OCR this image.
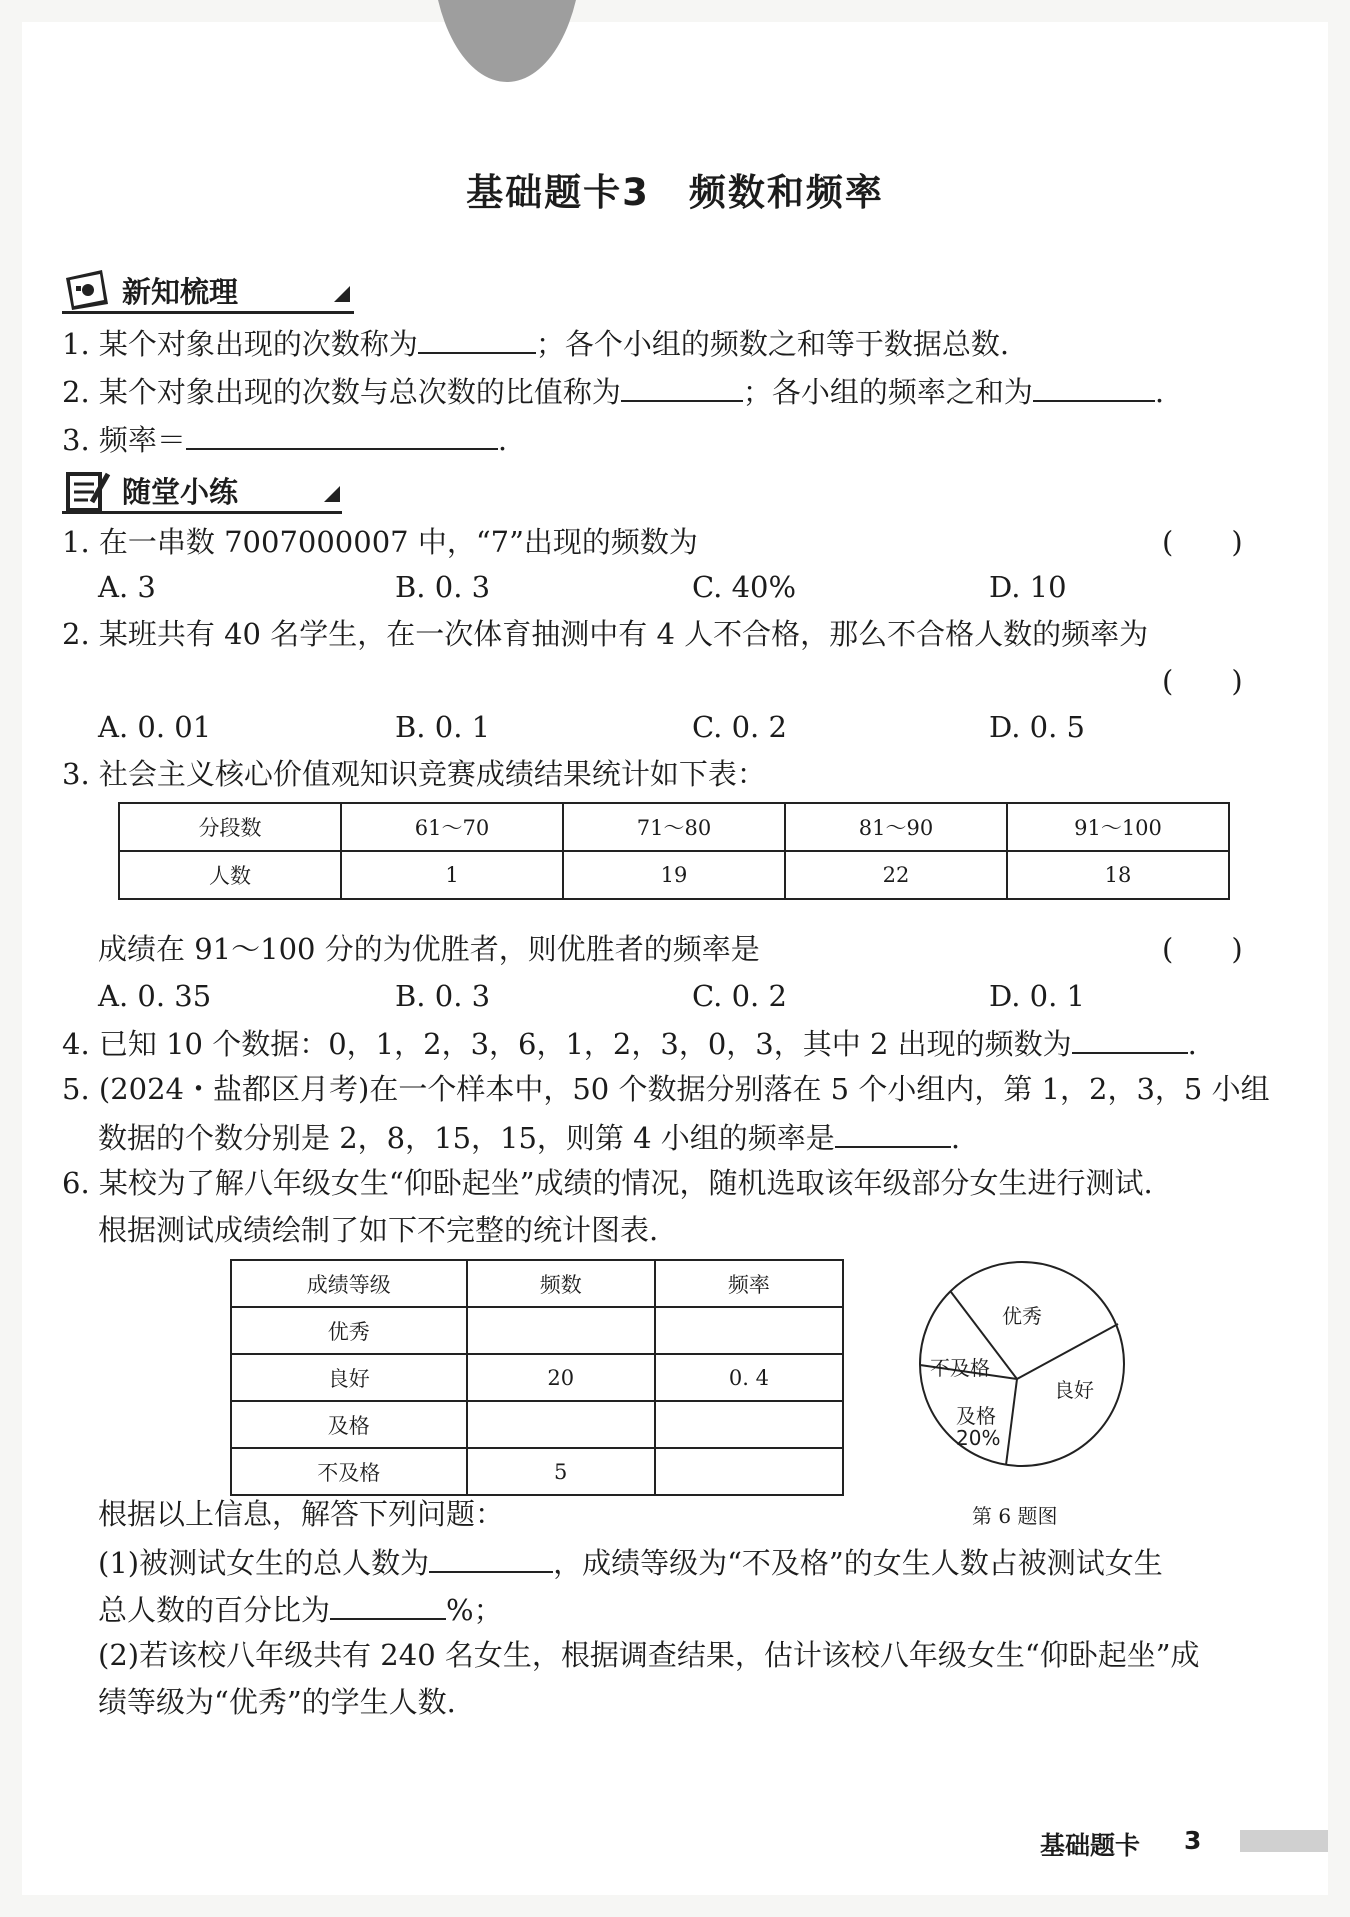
基础题卡3　频数和频率
新知梳理
1. 某个对象出现的次数称为	；各个小组的频数之和等于数据总数.
2. 某个对象出现的次数与总次数的比值称为	；各小组的频率之和为	.
3. 频率＝	.
随堂小练
1. 在一串数 7007000007 中，“7”出现的频数为	(　　)
A. 3	B. 0. 3	C. 40%	D. 10
2. 某班共有 40 名学生，在一次体育抽测中有 4 人不合格，那么不合格人数的频率为
(　　)
A. 0. 01	B. 0. 1	C. 0. 2	D. 0. 5
3. 社会主义核心价值观知识竞赛成绩结果统计如下表：
分段数	61～70	71～80	81～90	91～100
人数	1	19	22	18
成绩在 91～100 分的为优胜者，则优胜者的频率是	(　　)
A. 0. 35	B. 0. 3	C. 0. 2	D. 0. 1
4. 已知 10 个数据：0，1，2，3，6，1，2，3，0，3，其中 2 出现的频数为	.
5. (2024・盐都区月考)在一个样本中，50 个数据分别落在 5 个小组内，第 1，2，3，5 小组
数据的个数分别是 2，8，15，15，则第 4 小组的频率是	.
6. 某校为了解八年级女生“仰卧起坐”成绩的情况，随机选取该年级部分女生进行测试.
根据测试成绩绘制了如下不完整的统计图表.
成绩等级	频数	频率
优秀		
良好	20	0. 4
及格		
不及格	5	
优秀
不及格
良好
及格
20%
第 6 题图
根据以上信息，解答下列问题：
(1)被测试女生的总人数为	，成绩等级为“不及格”的女生人数占被测试女生
总人数的百分比为	%；
(2)若该校八年级共有 240 名女生，根据调查结果，估计该校八年级女生“仰卧起坐”成
绩等级为“优秀”的学生人数.
基础题卡 3
